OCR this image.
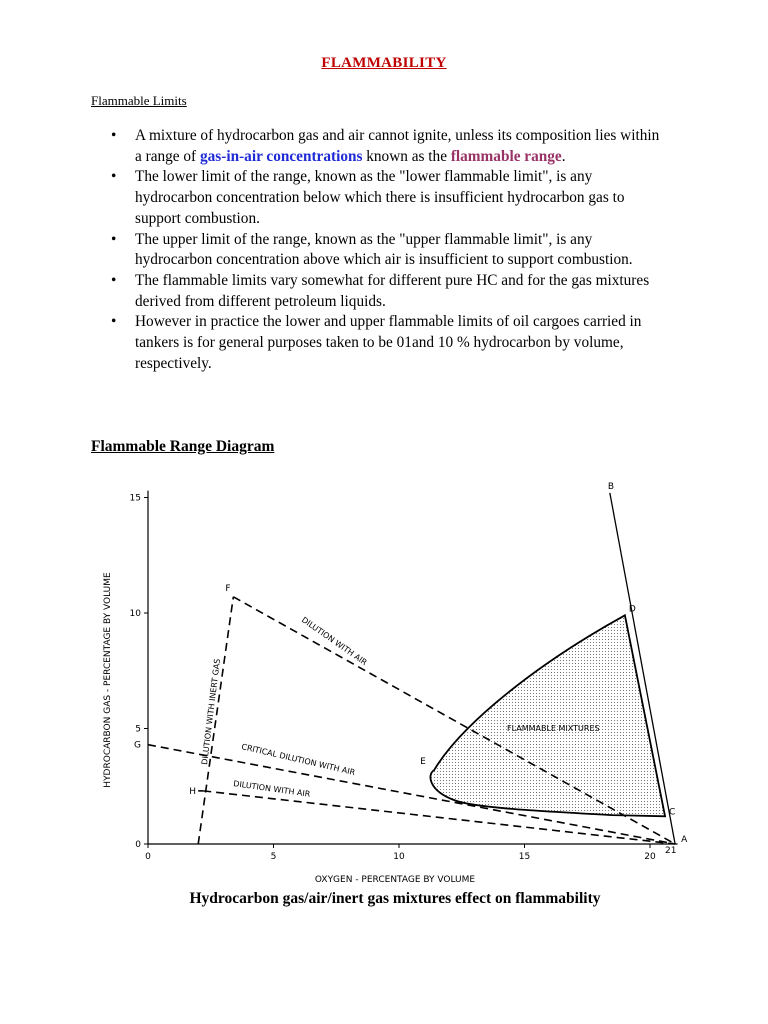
FLAMMABILITY
Flammable Limits
• A mixture of hydrocarbon gas and air cannot ignite, unless its composition lies within a range of gas-in-air concentrations known as the flammable range.
• The lower limit of the range, known as the "lower flammable limit", is any hydrocarbon concentration below which there is insufficient hydrocarbon gas to support combustion.
• The upper limit of the range, known as the "upper flammable limit", is any hydrocarbon concentration above which air is insufficient to support combustion.
• The flammable limits vary somewhat for different pure HC and for the gas mixtures derived from different petroleum liquids.
• However in practice the lower and upper flammable limits of oil cargoes carried in tankers is for general purposes taken to be 01and 10 % hydrocarbon by volume, respectively.
Flammable Range Diagram
0	5	10	15	20
0
5
10
15
A
B
C
D
E
F
G
H
OXYGEN - PERCENTAGE BY VOLUME
HYDROCARBON GAS - PERCENTAGE BY VOLUME	FLAMMABLE MIXTURES
DILUTION WITH INERT GAS
DILUTION WITH AIR
CRITICAL DILUTION WITH AIR
DILUTION WITH AIR
21
Hydrocarbon gas/air/inert gas mixtures effect on flammability
